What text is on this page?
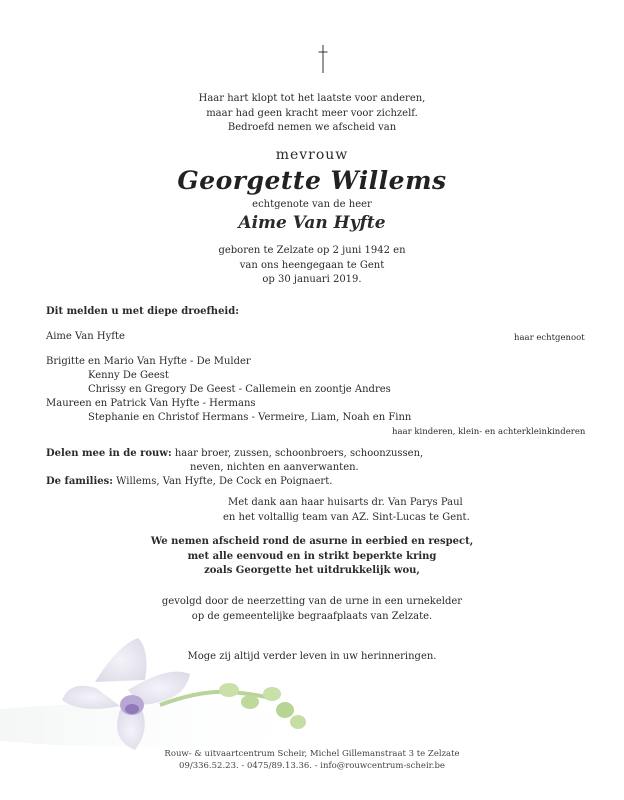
Haar hart klopt tot het laatste voor anderen,
maar had geen kracht meer voor zichzelf.
Bedroefd nemen we afscheid van
mevrouw
Georgette Willems
echtgenote van de heer
Aime Van Hyfte
geboren te Zelzate op 2 juni 1942 en
van ons heengegaan te Gent
op 30 januari 2019.
Dit melden u met diepe droefheid:
Aime Van Hyfte	haar echtgenoot
Brigitte en Mario Van Hyfte - De Mulder
Kenny De Geest
Chrissy en Gregory De Geest - Callemein en zoontje Andres
Maureen en Patrick Van Hyfte - Hermans
Stephanie en Christof Hermans - Vermeire, Liam, Noah en Finn
haar kinderen, klein- en achterkleinkinderen
Delen mee in de rouw: haar broer, zussen, schoonbroers, schoonzussen,
neven, nichten en aanverwanten.
De families: Willems, Van Hyfte, De Cock en Poignaert.
Met dank aan haar huisarts dr. Van Parys Paul
en het voltallig team van AZ. Sint-Lucas te Gent.
We nemen afscheid rond de asurne in eerbied en respect,
met alle eenvoud en in strikt beperkte kring
zoals Georgette het uitdrukkelijk wou,
gevolgd door de neerzetting van de urne in een urnekelder
op de gemeentelijke begraafplaats van Zelzate.
Moge zij altijd verder leven in uw herinneringen.
Rouw- & uitvaartcentrum Scheir, Michel Gillemanstraat 3 te Zelzate
09/336.52.23. - 0475/89.13.36. - info@rouwcentrum-scheir.be
